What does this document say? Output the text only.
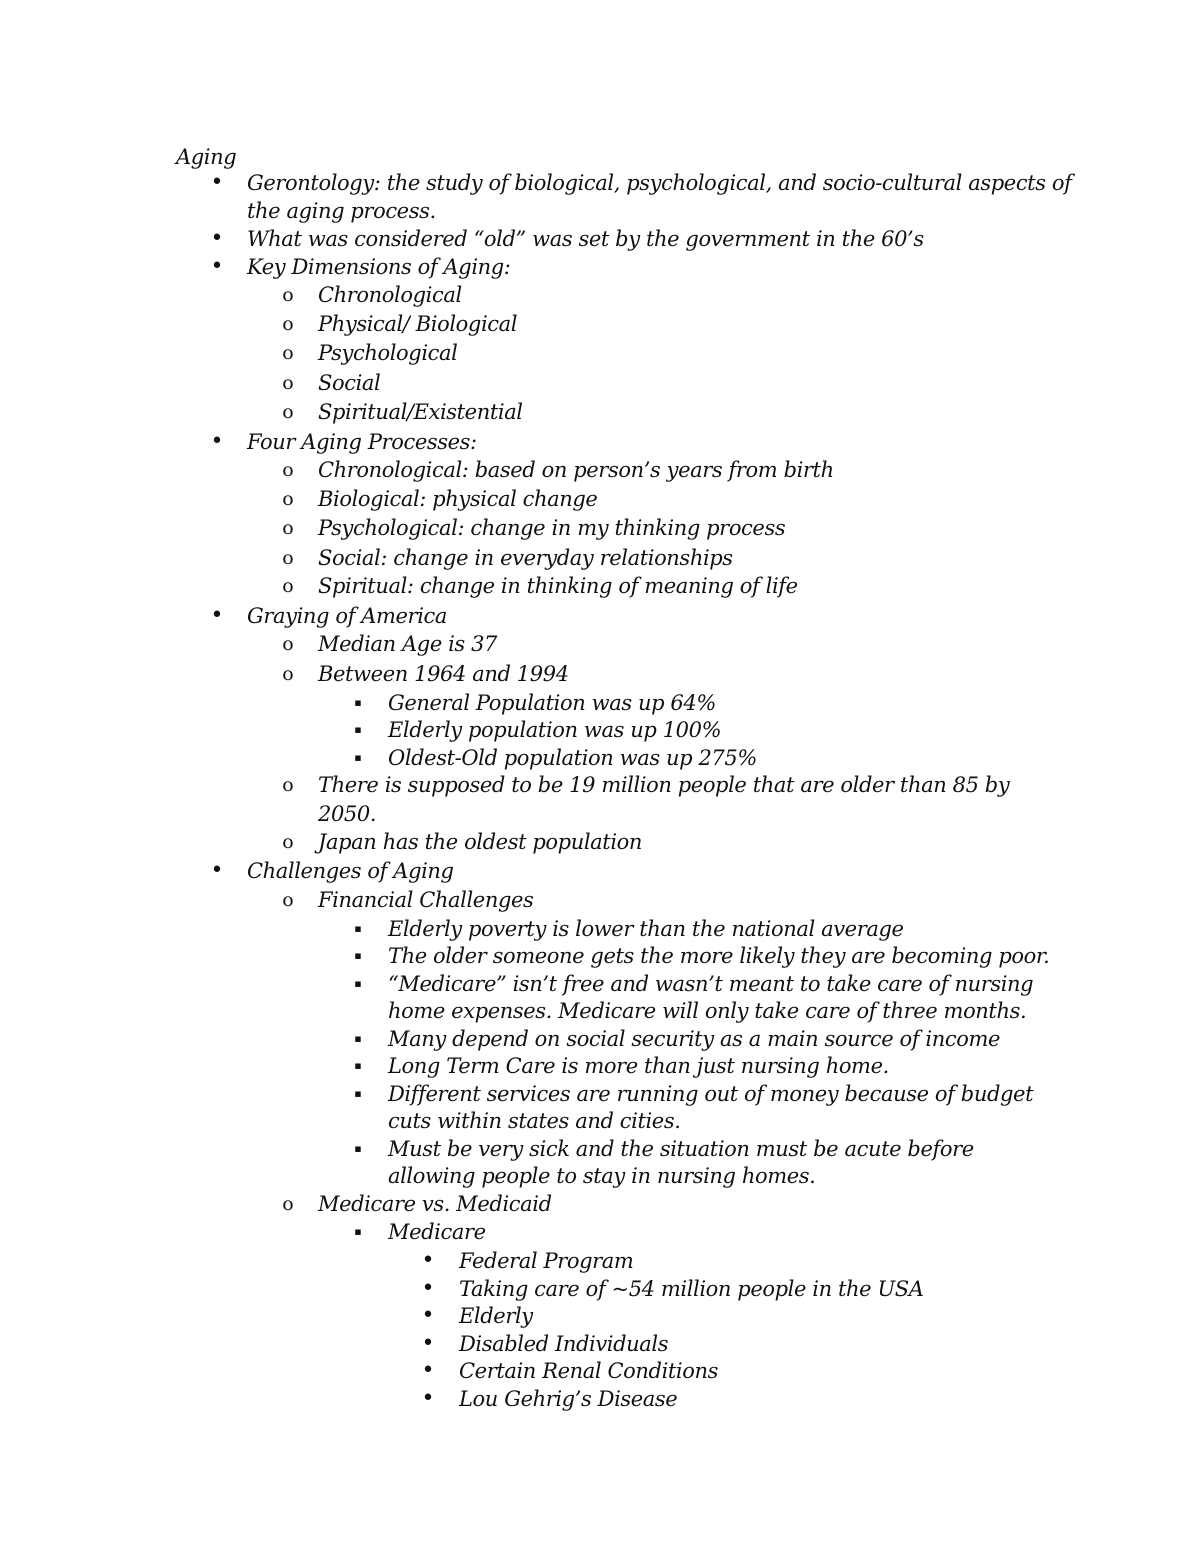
Aging
• Gerontology: the study of biological, psychological, and socio-cultural aspects of
the aging process.
• What was considered “old” was set by the government in the 60’s
• Key Dimensions of Aging:
o Chronological
o Physical/ Biological
o Psychological
o Social
o Spiritual/Existential
• Four Aging Processes:
o Chronological: based on person’s years from birth
o Biological: physical change
o Psychological: change in my thinking process
o Social: change in everyday relationships
o Spiritual: change in thinking of meaning of life
• Graying of America
o Median Age is 37
o Between 1964 and 1994
▪ General Population was up 64%
▪ Elderly population was up 100%
▪ Oldest-Old population was up 275%
o There is supposed to be 19 million people that are older than 85 by
2050.
o Japan has the oldest population
• Challenges of Aging
o Financial Challenges
▪ Elderly poverty is lower than the national average
▪ The older someone gets the more likely they are becoming poor.
▪ “Medicare” isn’t free and wasn’t meant to take care of nursing
home expenses. Medicare will only take care of three months.
▪ Many depend on social security as a main source of income
▪ Long Term Care is more than just nursing home.
▪ Different services are running out of money because of budget
cuts within states and cities.
▪ Must be very sick and the situation must be acute before
allowing people to stay in nursing homes.
o Medicare vs. Medicaid
▪ Medicare
• Federal Program
• Taking care of ~54 million people in the USA
• Elderly
• Disabled Individuals
• Certain Renal Conditions
• Lou Gehrig’s Disease
